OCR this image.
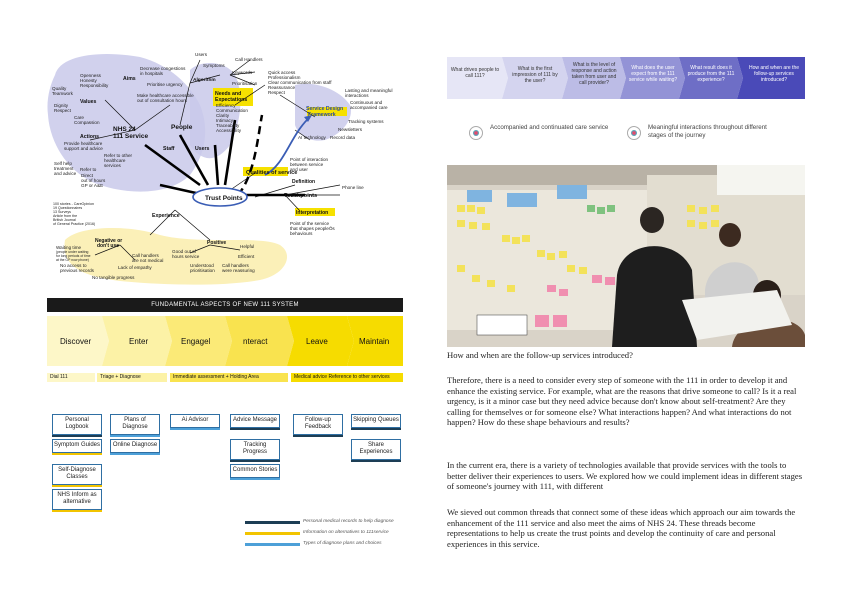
NHS 24
111 Service
People
Trust Points
Qualities of service
Needs and
Expectations
Values
Actions
Aims
Staff	Users
Service Design
Framework
Experience
Negative or
don't use	Positive
Touchpoints
Definition
Interpretation
Algorithm
Keywords
Prioritisation
Users
Symptoms
Call Handlers
Decrease congestions
in hospitals
Prioritise urgency
Make healthcare accessible
out of consultation hours
Openness
Honesty
Responsibility
Quality
Teamwork
Dignity
Respect
Care
Compassion
Provide healthcare
support and advice
Self help
treatment
and advice
Refer to other
healthcare
services
Refer to
Direct
out of hours
GP or A&E
Quick access
Professionalism
Clear communication from staff
Reassurance
Respect	Lasting and meaningful
interactions
Continuous and
accompanied care
Tracking systems
Newsletters
AI technology Record data
Efficiency
Communication
Clarity
Intimacy
Traceability
Accessibility
Point of interaction
between service
and user
Phone line
Point of the service
that shapes peopleÕs
behaviours
100 stories - CareOpinion
19 Questionnaires
13 Surveys
Article from the
British Journal
of General Practice (2016)
Waiting time
(people under waiting
for long periods of time
at the GP now phone)
No access to
previous records
Call handlers
are not medical
Lack of empathy
No tangible progress
Good out of
hours service
Helpful
Efficient
Understood
prioritisation
Call handlers
were reassuring
FUNDAMENTAL ASPECTS OF NEW 111 SYSTEM
Discover	Enter	Engagel	nteract	Leave	Maintain
Dial 111	Triage + Diagnose	Immediate assessment + Holding Area	Medical advice Reference to other services
Personal Logbook
Symptom Guides
Self-Diagnose Classes
NHS Inform as alternative
Plans of Diagnose
Online Diagnose
Ai Advisor	Advice Message
Tracking Progress
Common Stories
Follow-up Feedback
Skipping Queues
Share Experiences
Personal medical records to help diagnose
Information on alternatives to 111service
Types of diagnose plans and choices
What drives people to call 111?
What is the first impression of 111 by the user?
What is the level of response and action taken from user and call provider?
What does the user expect from the 111 service while waiting?
What result does it produce from the 111 experience?
How and when are the follow-up services introduced?
Accompanied and continuated care service	Meaningful interactions throughout different stages of the journey
How and when are the follow-up services introduced?
Therefore, there is a need to consider every step of someone with the 111 in order to develop it and enhance the existing service. For example, what are the reasons that drive someone to call? Is it a real urgency, is it a minor case but they need advice because don't know about self-treatment? Are they calling for themselves or for someone else? What interactions happen? And what interactions do not happen? How do these shape behaviours and results?
In the current era, there is a variety of technologies available that provide services with the tools to better deliver their experiences to users. We explored how we could implement ideas in different stages of someone's journey with 111, with different
We sieved out common threads that connect some of these ideas which approach our aim towards the enhancement of the 111 service and also meet the aims of NHS 24. These threads become representations to help us create the trust points and develop the continuity of care and personal experiences in this service.
